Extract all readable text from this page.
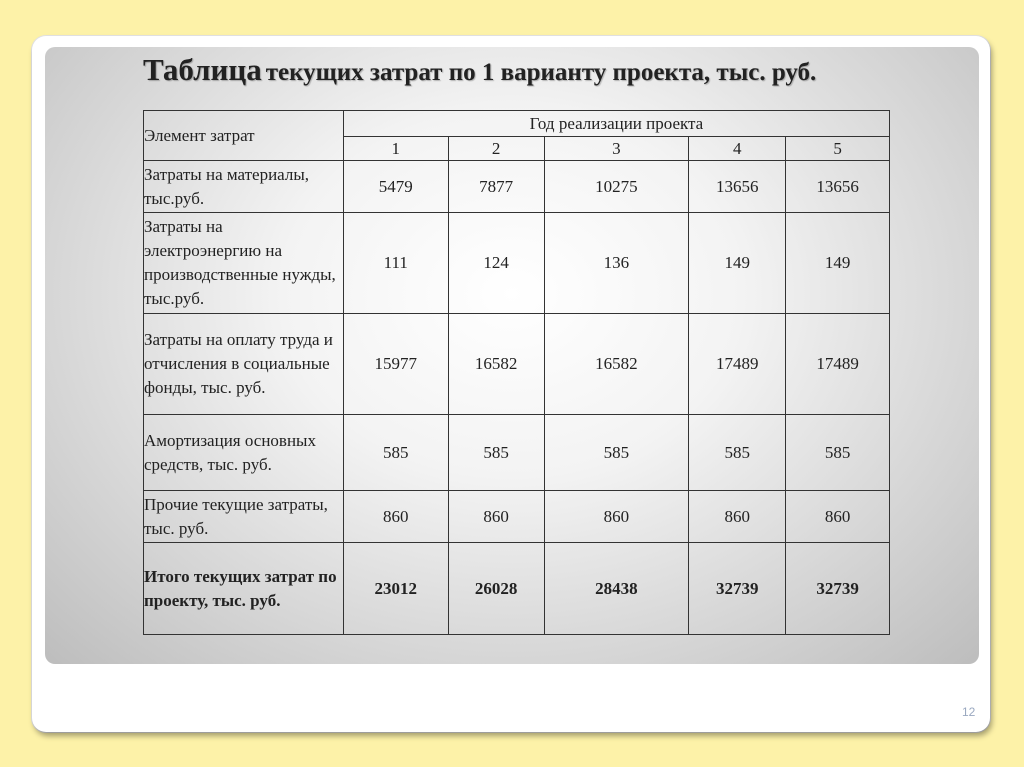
Таблица текущих затрат по 1 варианту проекта, тыс. руб.
Элемент затрат	Год реализации проекта				
	1	2	3	4	5
Затраты на материалы, тыс.руб.	5479	7877	10275	13656	13656
Затраты на электроэнергию на производственные нужды, тыс.руб.	111	124	136	149	149
Затраты на оплату труда и отчисления в социальные фонды, тыс. руб.	15977	16582	16582	17489	17489
Амортизация основных средств, тыс. руб.	585	585	585	585	585
Прочие текущие затраты, тыс. руб.	860	860	860	860	860
Итого текущих затрат по проекту, тыс. руб.	23012	26028	28438	32739	32739
12
